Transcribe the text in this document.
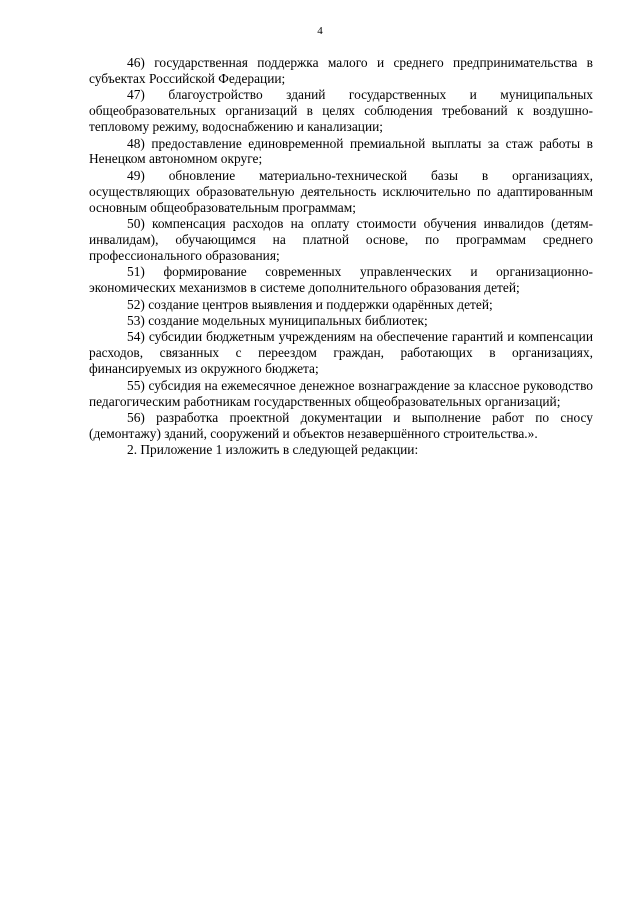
4

46) государственная поддержка малого и среднего предпринимательства в субъектах Российской Федерации;

47) благоустройство зданий государственных и муниципальных общеобразовательных организаций в целях соблюдения требований к воздушно-тепловому режиму, водоснабжению и канализации;

48) предоставление единовременной премиальной выплаты за стаж работы в Ненецком автономном округе;

49) обновление материально-технической базы в организациях, осуществляющих образовательную деятельность исключительно по адаптированным основным общеобразовательным программам;

50) компенсация расходов на оплату стоимости обучения инвалидов (детям-инвалидам), обучающимся на платной основе, по программам среднего профессионального образования;

51) формирование современных управленческих и организационно-экономических механизмов в системе дополнительного образования детей;

52) создание центров выявления и поддержки одарённых детей;

53) создание модельных муниципальных библиотек;

54) субсидии бюджетным учреждениям на обеспечение гарантий и компенсации расходов, связанных с переездом граждан, работающих в организациях, финансируемых из окружного бюджета;

55) субсидия на ежемесячное денежное вознаграждение за классное руководство педагогическим работникам государственных общеобразовательных организаций;

56) разработка проектной документации и выполнение работ по сносу (демонтажу) зданий, сооружений и объектов незавершённого строительства.».

2. Приложение 1 изложить в следующей редакции:
